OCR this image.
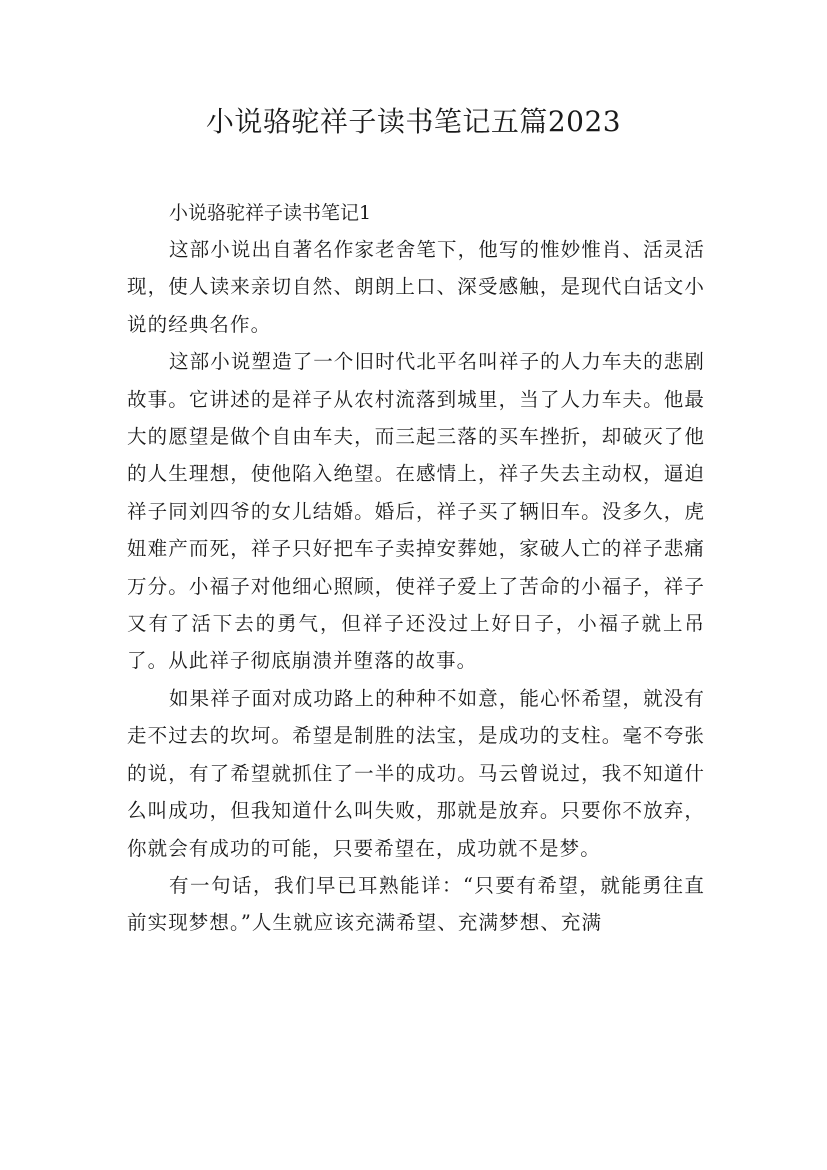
小说骆驼祥子读书笔记五篇2023

小说骆驼祥子读书笔记1

这部小说出自著名作家老舍笔下，他写的惟妙惟肖、活灵活现，使人读来亲切自然、朗朗上口、深受感触，是现代白话文小说的经典名作。

这部小说塑造了一个旧时代北平名叫祥子的人力车夫的悲剧故事。它讲述的是祥子从农村流落到城里，当了人力车夫。他最大的愿望是做个自由车夫，而三起三落的买车挫折，却破灭了他的人生理想，使他陷入绝望。在感情上，祥子失去主动权，逼迫祥子同刘四爷的女儿结婚。婚后，祥子买了辆旧车。没多久，虎妞难产而死，祥子只好把车子卖掉安葬她，家破人亡的祥子悲痛万分。小福子对他细心照顾，使祥子爱上了苦命的小福子，祥子又有了活下去的勇气，但祥子还没过上好日子，小福子就上吊了。从此祥子彻底崩溃并堕落的故事。

如果祥子面对成功路上的种种不如意，能心怀希望，就没有走不过去的坎坷。希望是制胜的法宝，是成功的支柱。毫不夸张的说，有了希望就抓住了一半的成功。马云曾说过，我不知道什么叫成功，但我知道什么叫失败，那就是放弃。只要你不放弃，你就会有成功的可能，只要希望在，成功就不是梦。

有一句话，我们早已耳熟能详：“只要有希望，就能勇往直前实现梦想。”人生就应该充满希望、充满梦想、充满
